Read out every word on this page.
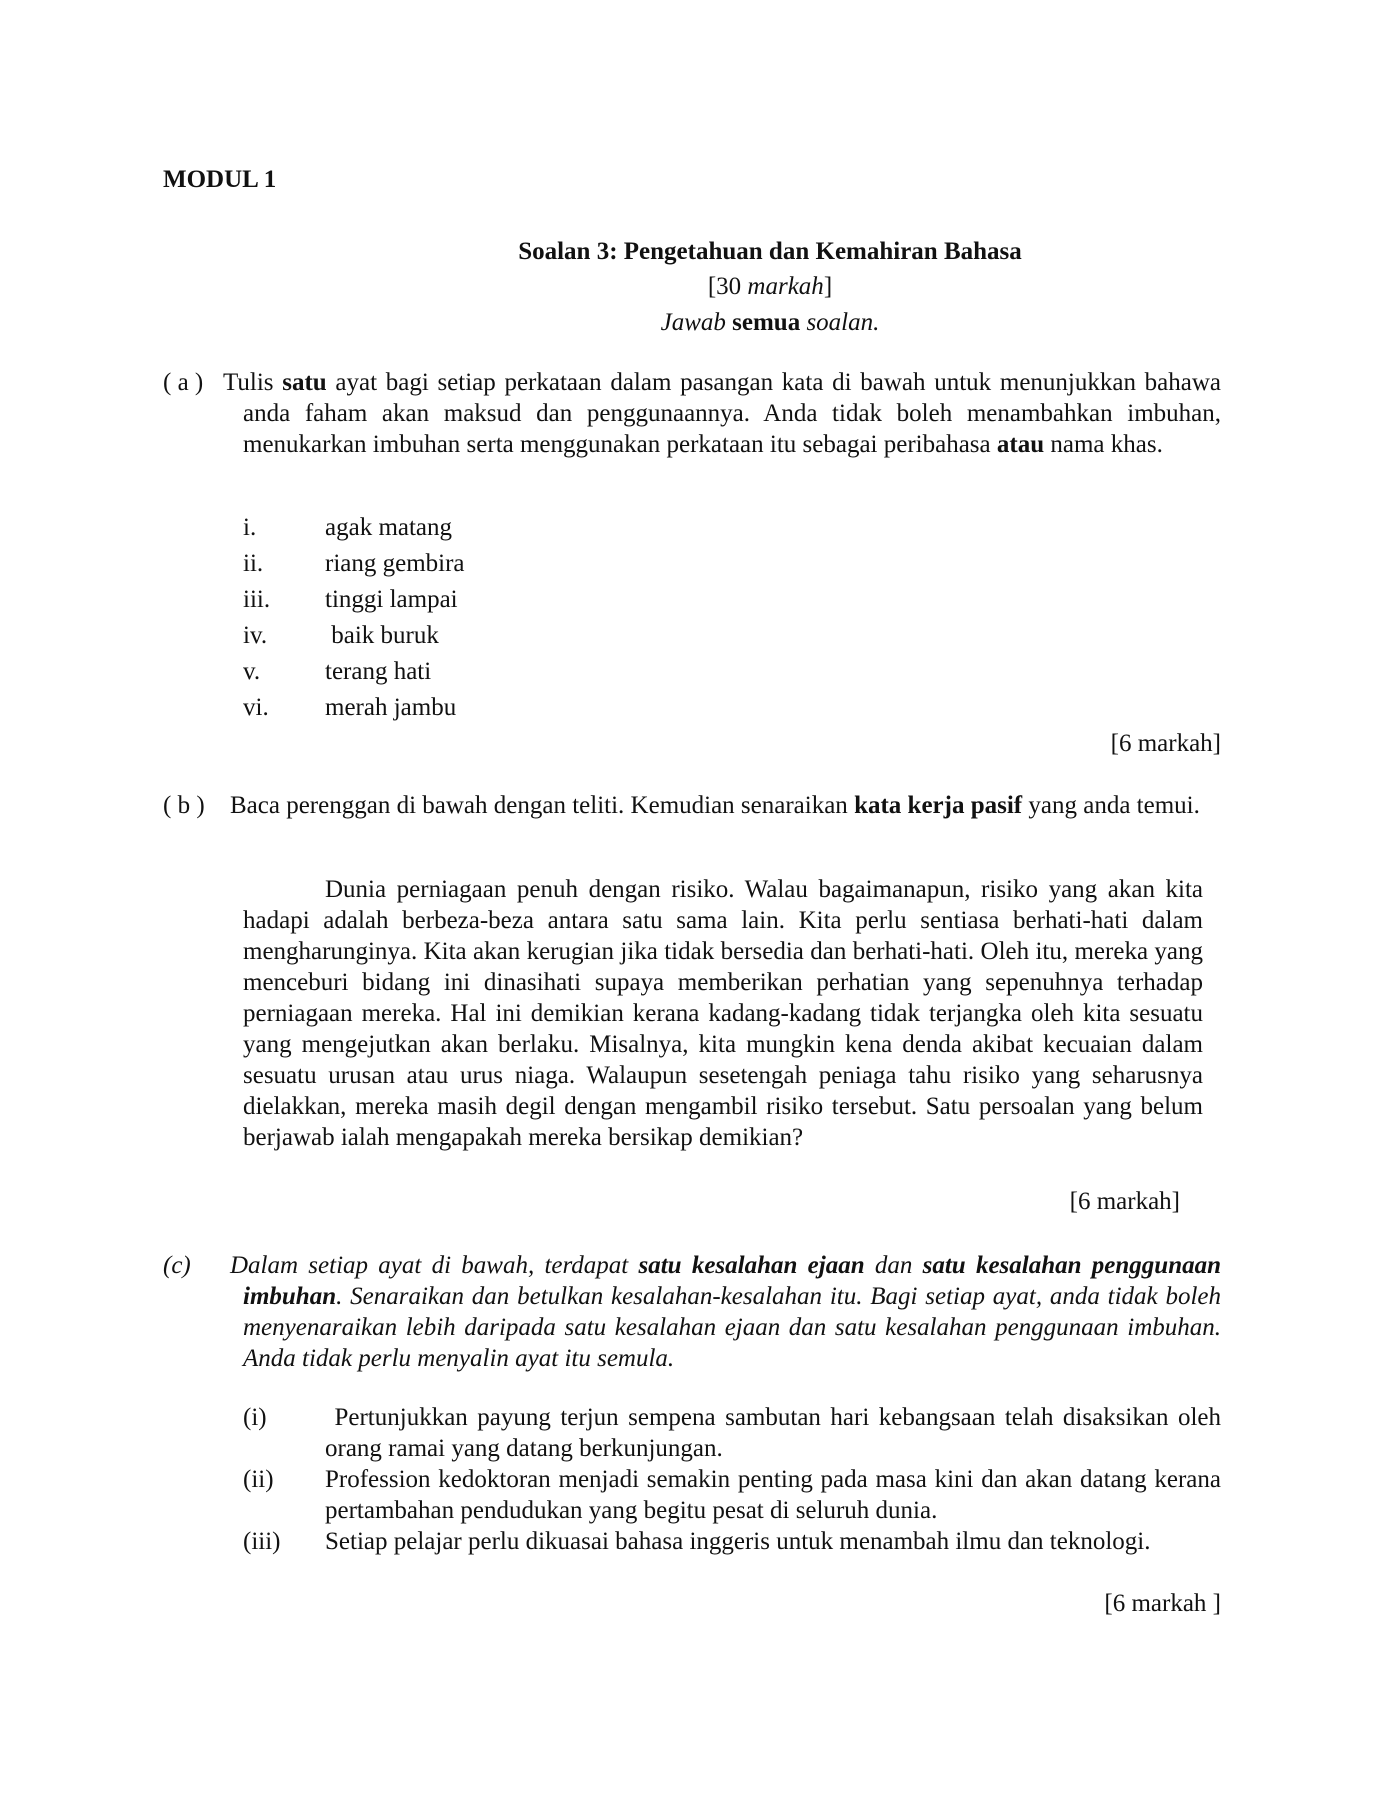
MODUL 1
Soalan 3: Pengetahuan dan Kemahiran Bahasa
[30 markah]
Jawab semua soalan.
( a ) Tulis satu ayat bagi setiap perkataan dalam pasangan kata di bawah untuk menunjukkan bahawa anda faham akan maksud dan penggunaannya. Anda tidak boleh menambahkan imbuhan, menukarkan imbuhan serta menggunakan perkataan itu sebagai peribahasa atau nama khas.
i.	agak matang
ii. riang gembira
iii. tinggi lampai
iv. baik buruk
v.	terang hati
vi. merah jambu
[6 markah]
( b ) Baca perenggan di bawah dengan teliti. Kemudian senaraikan kata kerja pasif yang anda temui.
Dunia perniagaan penuh dengan risiko. Walau bagaimanapun, risiko yang akan kita hadapi adalah berbeza-beza antara satu sama lain. Kita perlu sentiasa berhati-hati dalam mengharunginya. Kita akan kerugian jika tidak bersedia dan berhati-hati. Oleh itu, mereka yang menceburi bidang ini dinasihati supaya memberikan perhatian yang sepenuhnya terhadap perniagaan mereka. Hal ini demikian kerana kadang-kadang tidak terjangka oleh kita sesuatu yang mengejutkan akan berlaku. Misalnya, kita mungkin kena denda akibat kecuaian dalam sesuatu urusan atau urus niaga. Walaupun sesetengah peniaga tahu risiko yang seharusnya dielakkan, mereka masih degil dengan mengambil risiko tersebut. Satu persoalan yang belum berjawab ialah mengapakah mereka bersikap demikian?
[6 markah]
(c) Dalam setiap ayat di bawah, terdapat satu kesalahan ejaan dan satu kesalahan penggunaan imbuhan. Senaraikan dan betulkan kesalahan-kesalahan itu. Bagi setiap ayat, anda tidak boleh menyenaraikan lebih daripada satu kesalahan ejaan dan satu kesalahan penggunaan imbuhan. Anda tidak perlu menyalin ayat itu semula.
(i) Pertunjukkan payung terjun sempena sambutan hari kebangsaan telah disaksikan oleh orang ramai yang datang berkunjungan.
(ii) Profession kedoktoran menjadi semakin penting pada masa kini dan akan datang kerana pertambahan pendudukan yang begitu pesat di seluruh dunia.
(iii) Setiap pelajar perlu dikuasai bahasa inggeris untuk menambah ilmu dan teknologi.
[6 markah ]
